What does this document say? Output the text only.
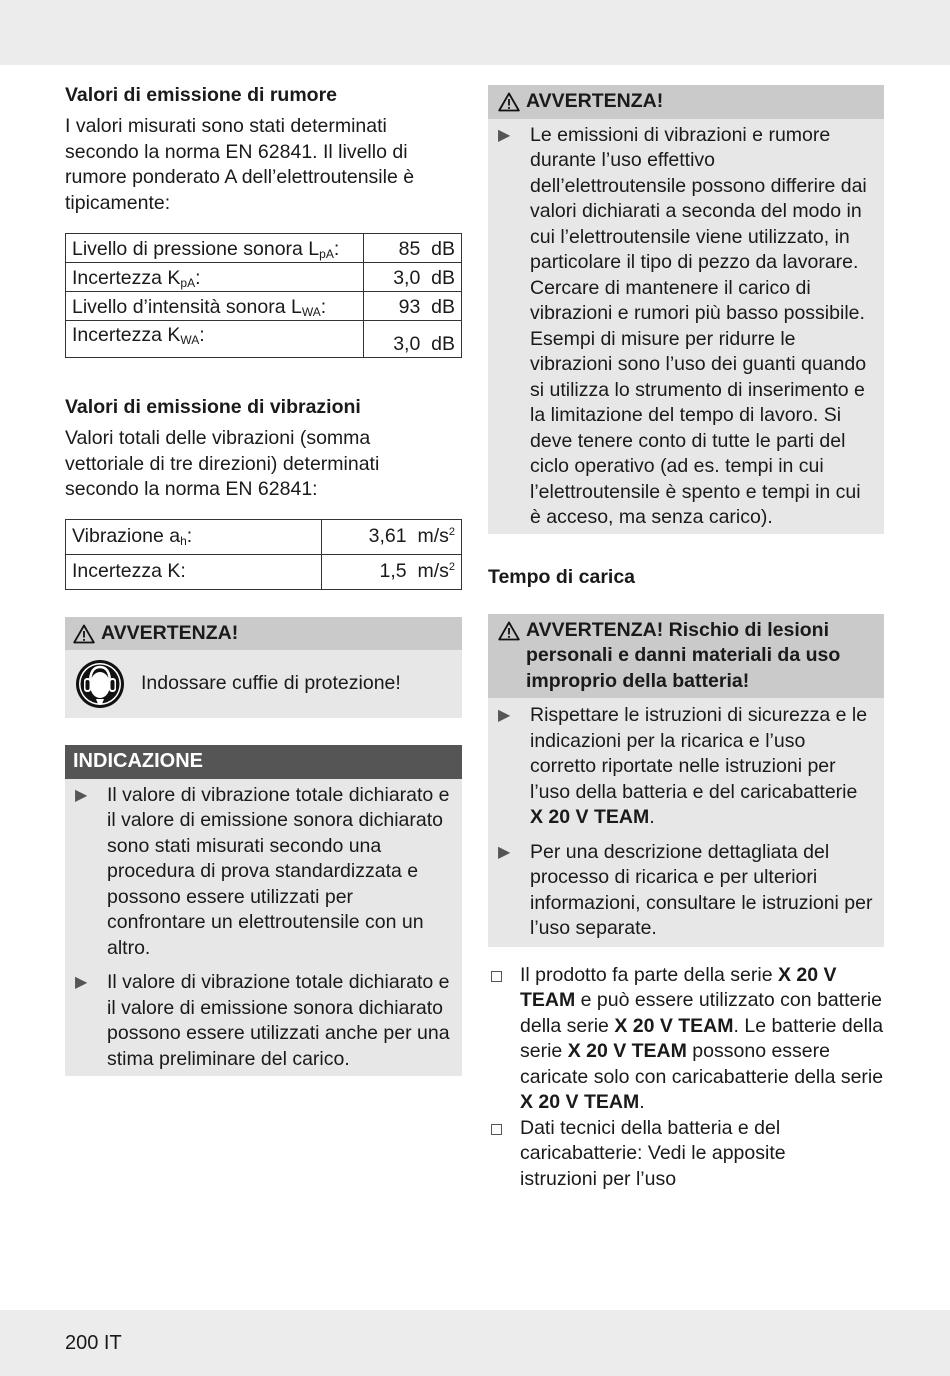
Valori di emissione di rumore

I valori misurati sono stati determinati secondo la norma EN 62841. Il livello di rumore ponderato A dell’elettroutensile è tipicamente:

Livello di pressione sonora $L_{pA}$:	85 dB
Incertezza $K_{pA}$:	3,0 dB
Livello d’intensità sonora $L_{WA}$:	93 dB
Incertezza $K_{WA}$:	3,0 dB
Valori di emissione di vibrazioni

Valori totali delle vibrazioni (somma vettoriale di tre direzioni) determinati secondo la norma EN 62841:

Vibrazione $a_h$:	3,61 $m/s^2$
Incertezza K:	1,5 $m/s^2$
AVVERTENZA!
Indossare cuffie di protezione!
INDICAZIONE
▶	Il valore di vibrazione totale dichiarato e il valore di emissione sonora dichiarato sono stati misurati secondo una procedura di prova standardizzata e possono essere utilizzati per confrontare un elettroutensile con un altro.
▶	Il valore di vibrazione totale dichiarato e il valore di emissione sonora dichiarato possono essere utilizzati anche per una stima preliminare del carico.
AVVERTENZA!
▶	Le emissioni di vibrazioni e rumore durante l’uso effettivo dell’elettroutensile possono differire dai valori dichiarati a seconda del modo in cui l’elettroutensile viene utilizzato, in particolare il tipo di pezzo da lavorare. Cercare di mantenere il carico di vibrazioni e rumori più basso possibile. Esempi di misure per ridurre le vibrazioni sono l’uso dei guanti quando si utilizza lo strumento di inserimento e la limitazione del tempo di lavoro. Si deve tenere conto di tutte le parti del ciclo operativo (ad es. tempi in cui l’elettroutensile è spento e tempi in cui è acceso, ma senza carico).
Tempo di carica
AVVERTENZA! Rischio di lesioni personali e danni materiali da uso improprio della batteria!
▶	Rispettare le istruzioni di sicurezza e le indicazioni per la ricarica e l’uso corretto riportate nelle istruzioni per l’uso della batteria e del caricabatterie X 20 V TEAM.
▶	Per una descrizione dettagliata del processo di ricarica e per ulteriori informazioni, consultare le istruzioni per l’uso separate.
Il prodotto fa parte della serie X 20 V TEAM e può essere utilizzato con batterie della serie X 20 V TEAM. Le batterie della serie X 20 V TEAM possono essere caricate solo con caricabatterie della serie X 20 V TEAM.
Dati tecnici della batteria e del caricabatterie: Vedi le apposite istruzioni per l’uso
200 IT
